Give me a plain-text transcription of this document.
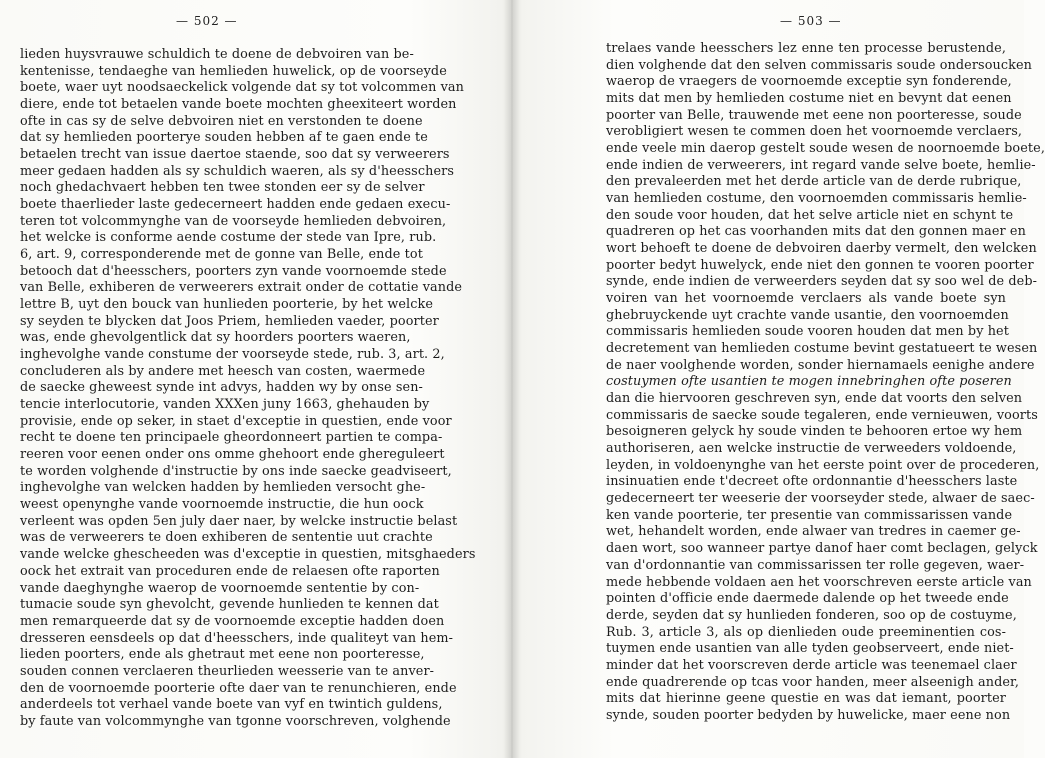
— 502 —
lieden huysvrauwe schuldich te doene de debvoiren van be-
kentenisse, tendaeghe van hemlieden huwelick, op de voorseyde
boete, waer uyt noodsaeckelick volgende dat sy tot volcommen van
diere, ende tot betaelen vande boete mochten gheexiteert worden
ofte in cas sy de selve debvoiren niet en verstonden te doene
dat sy hemlieden poorterye souden hebben af te gaen ende te
betaelen trecht van issue daertoe staende, soo dat sy verweerers
meer gedaen hadden als sy schuldich waeren, als sy d'heesschers
noch ghedachvaert hebben ten twee stonden eer sy de selver
boete thaerlieder laste gedecerneert hadden ende gedaen execu-
teren tot volcommynghe van de voorseyde hemlieden debvoiren,
het welcke is conforme aende costume der stede van Ipre, rub.
6, art. 9, corresponderende met de gonne van Belle, ende tot
betooch dat d'heesschers, poorters zyn vande voornoemde stede
van Belle, exhiberen de verweerers extrait onder de cottatie vande
lettre B, uyt den bouck van hunlieden poorterie, by het welcke
sy seyden te blycken dat Joos Priem, hemlieden vaeder, poorter
was, ende ghevolgentlick dat sy hoorders poorters waeren,
inghevolghe vande constume der voorseyde stede, rub. 3, art. 2,
concluderen als by andere met heesch van costen, waermede
de saecke gheweest synde int advys, hadden wy by onse sen-
tencie interlocutorie, vanden XXXen juny 1663, ghehauden by
provisie, ende op seker, in staet d'exceptie in questien, ende voor
recht te doene ten principaele gheordonneert partien te compa-
reeren voor eenen onder ons omme ghehoort ende ghereguleert
te worden volghende d'instructie by ons inde saecke geadviseert,
inghevolghe van welcken hadden by hemlieden versocht ghe-
weest openynghe vande voornoemde instructie, die hun oock
verleent was opden 5en july daer naer, by welcke instructie belast
was de verweerers te doen exhiberen de sententie uut crachte
vande welcke ghescheeden was d'exceptie in questien, mitsghaeders
oock het extrait van proceduren ende de relaesen ofte raporten
vande daeghynghe waerop de voornoemde sententie by con-
tumacie soude syn ghevolcht, gevende hunlieden te kennen dat
men remarqueerde dat sy de voornoemde exceptie hadden doen
dresseren eensdeels op dat d'heesschers, inde qualiteyt van hem-
lieden poorters, ende als ghetraut met eene non poorteresse,
souden connen verclaeren theurlieden weesserie van te anver-
den de voornoemde poorterie ofte daer van te renunchieren, ende
anderdeels tot verhael vande boete van vyf en twintich guldens,
by faute van volcommynghe van tgonne voorschreven, volghende
— 503 —
trelaes vande heesschers lez enne ten processe berustende,
dien volghende dat den selven commissaris soude ondersoucken
waerop de vraegers de voornoemde exceptie syn fonderende,
mits dat men by hemlieden costume niet en bevynt dat eenen
poorter van Belle, trauwende met eene non poorteresse, soude
verobligiert wesen te commen doen het voornoemde verclaers,
ende veele min daerop gestelt soude wesen de noornoemde boete,
ende indien de verweerers, int regard vande selve boete, hemlie-
den prevaleerden met het derde article van de derde rubrique,
van hemlieden costume, den voornoemden commissaris hemlie-
den soude voor houden, dat het selve article niet en schynt te
quadreren op het cas voorhanden mits dat den gonnen maer en
wort behoeft te doene de debvoiren daerby vermelt, den welcken
poorter bedyt huwelyck, ende niet den gonnen te vooren poorter
synde, ende indien de verweerders seyden dat sy soo wel de deb-
voiren van het voornoemde verclaers als vande boete syn
ghebruyckende uyt crachte vande usantie, den voornoemden
commissaris hemlieden soude vooren houden dat men by het
decretement van hemlieden costume bevint gestatueert te wesen
de naer voolghende worden, sonder hiernamaels eenighe andere
costuymen ofte usantien te mogen innebringhen ofte poseren
dan die hiervooren geschreven syn, ende dat voorts den selven
commissaris de saecke soude tegaleren, ende vernieuwen, voorts
besoigneren gelyck hy soude vinden te behooren ertoe wy hem
authoriseren, aen welcke instructie de verweeders voldoende,
leyden, in voldoenynghe van het eerste point over de procederen,
insinuatien ende t'decreet ofte ordonnantie d'heesschers laste
gedecerneert ter weeserie der voorseyder stede, alwaer de saec-
ken vande poorterie, ter presentie van commissarissen vande
wet, hehandelt worden, ende alwaer van tredres in caemer ge-
daen wort, soo wanneer partye danof haer comt beclagen, gelyck
van d'ordonnantie van commissarissen ter rolle gegeven, waer-
mede hebbende voldaen aen het voorschreven eerste article van
pointen d'officie ende daermede dalende op het tweede ende
derde, seyden dat sy hunlieden fonderen, soo op de costuyme,
Rub. 3, article 3, als op dienlieden oude preeminentien cos-
tuymen ende usantien van alle tyden geobserveert, ende niet-
minder dat het voorscreven derde article was teenemael claer
ende quadrerende op tcas voor handen, meer alseenigh ander,
mits dat hierinne geene questie en was dat iemant, poorter
synde, souden poorter bedyden by huwelicke, maer eene non
